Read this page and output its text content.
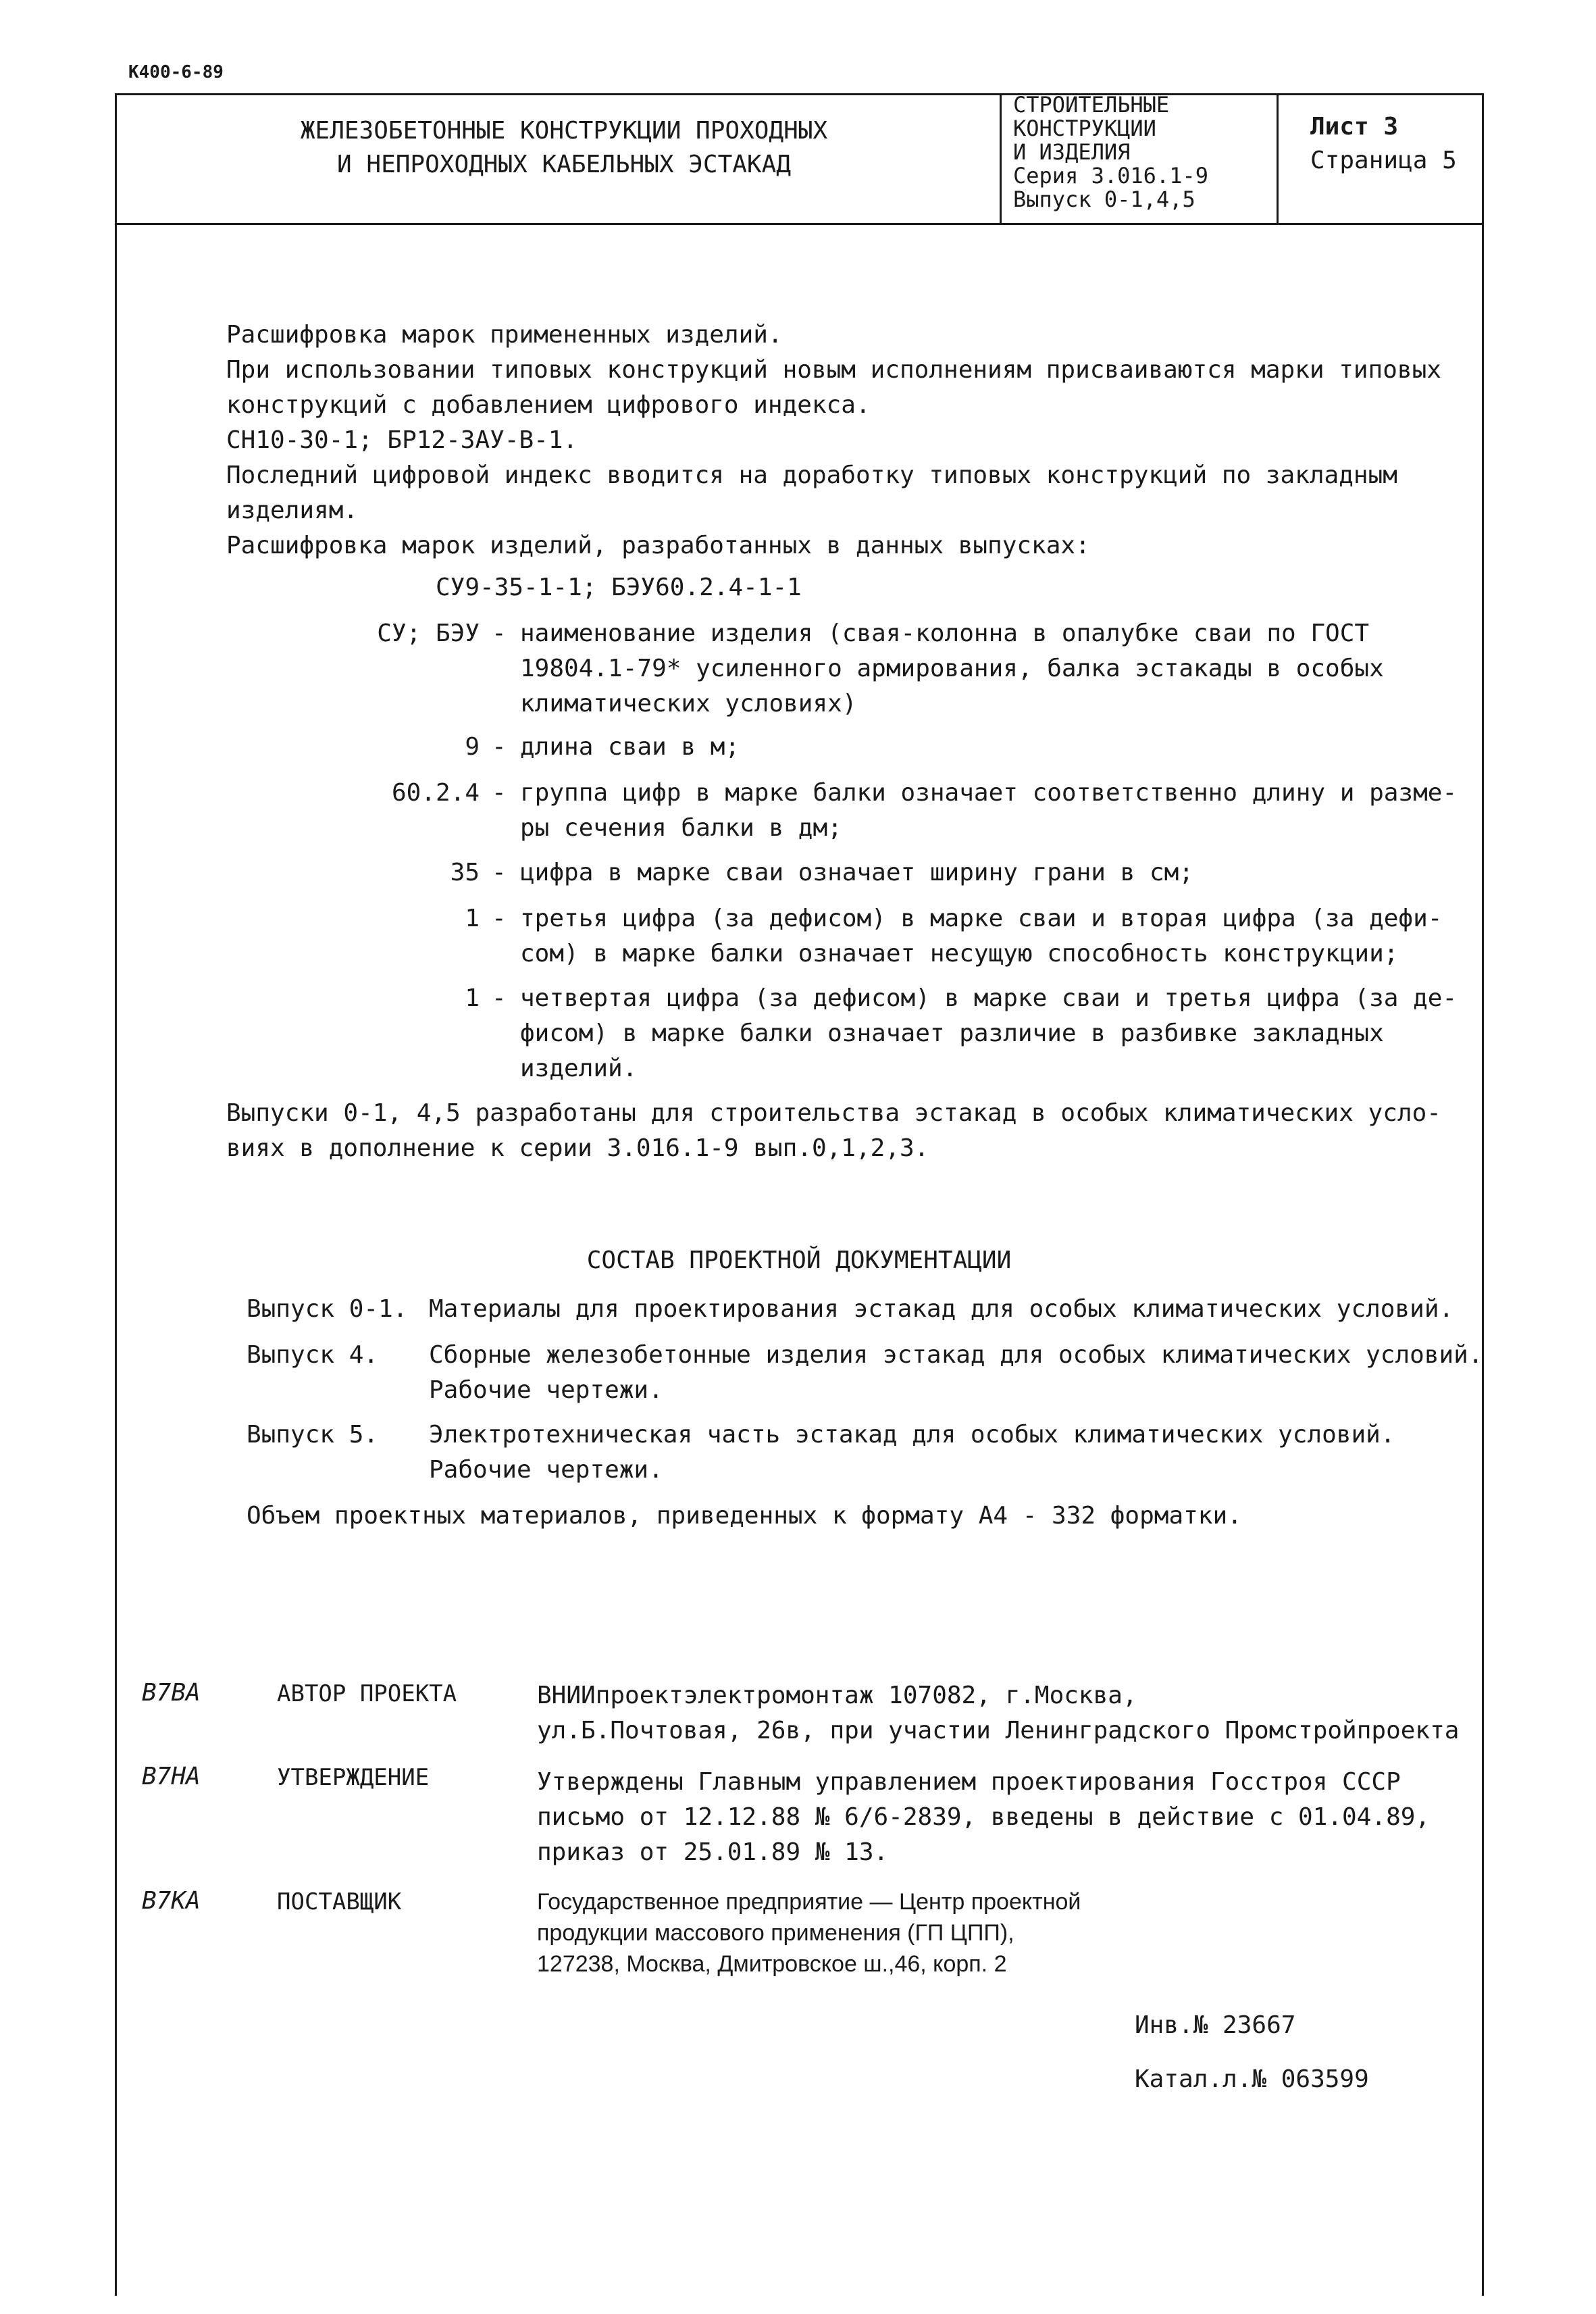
К400-6-89
ЖЕЛЕЗОБЕТОННЫЕ КОНСТРУКЦИИ ПРОХОДНЫХ
И НЕПРОХОДНЫХ КАБЕЛЬНЫХ ЭСТАКАД
СТРОИТЕЛЬНЫЕ
КОНСТРУКЦИИ
И ИЗДЕЛИЯ
Серия 3.016.1-9
Выпуск 0-1,4,5
Лист 3
Страница 5
Расшифровка марок примененных изделий.
При использовании типовых конструкций новым исполнениям присваиваются марки типовых
конструкций с добавлением цифрового индекса.
СН10-30-1; БР12-3АУ-В-1.
Последний цифровой индекс вводится на доработку типовых конструкций по закладным
изделиям.
Расшифровка марок изделий, разработанных в данных выпусках:
СУ9-35-1-1; БЭУ60.2.4-1-1
СУ; БЭУ - наименование изделия (свая-колонна в опалубке сваи по ГОСТ
19804.1-79* усиленного армирования, балка эстакады в особых
климатических условиях)
9 - длина сваи в м;
60.2.4 - группа цифр в марке балки означает соответственно длину и разме-
ры сечения балки в дм;
35 - цифра в марке сваи означает ширину грани в см;
1 - третья цифра (за дефисом) в марке сваи и вторая цифра (за дефи-
сом) в марке балки означает несущую способность конструкции;
1 - четвертая цифра (за дефисом) в марке сваи и третья цифра (за де-
фисом) в марке балки означает различие в разбивке закладных
изделий.
Выпуски 0-1, 4,5 разработаны для строительства эстакад в особых климатических усло-
виях в дополнение к серии 3.016.1-9 вып.0,1,2,3.
СОСТАВ ПРОЕКТНОЙ ДОКУМЕНТАЦИИ
Выпуск 0-1. Материалы для проектирования эстакад для особых климатических условий.
Выпуск 4. Сборные железобетонные изделия эстакад для особых климатических условий.
Рабочие чертежи.
Выпуск 5. Электротехническая часть эстакад для особых климатических условий.
Рабочие чертежи.
Объем проектных материалов, приведенных к формату А4 - 332 форматки.
B7BA	АВТОР ПРОЕКТА	ВНИИпроектэлектромонтаж 107082, г.Москва,
ул.Б.Почтовая, 26в, при участии Ленинградского Промстройпроекта
B7HA	УТВЕРЖДЕНИЕ	Утверждены Главным управлением проектирования Госстроя СССР
письмо от 12.12.88 № 6/6-2839, введены в действие с 01.04.89,
приказ от 25.01.89 № 13.
B7KA	ПОСТАВЩИК	Государственное предприятие — Центр проектной
продукции массового применения (ГП ЦПП),
127238, Москва, Дмитровское ш.,46, корп. 2
Инв.№ 23667
Катал.л.№ 063599
